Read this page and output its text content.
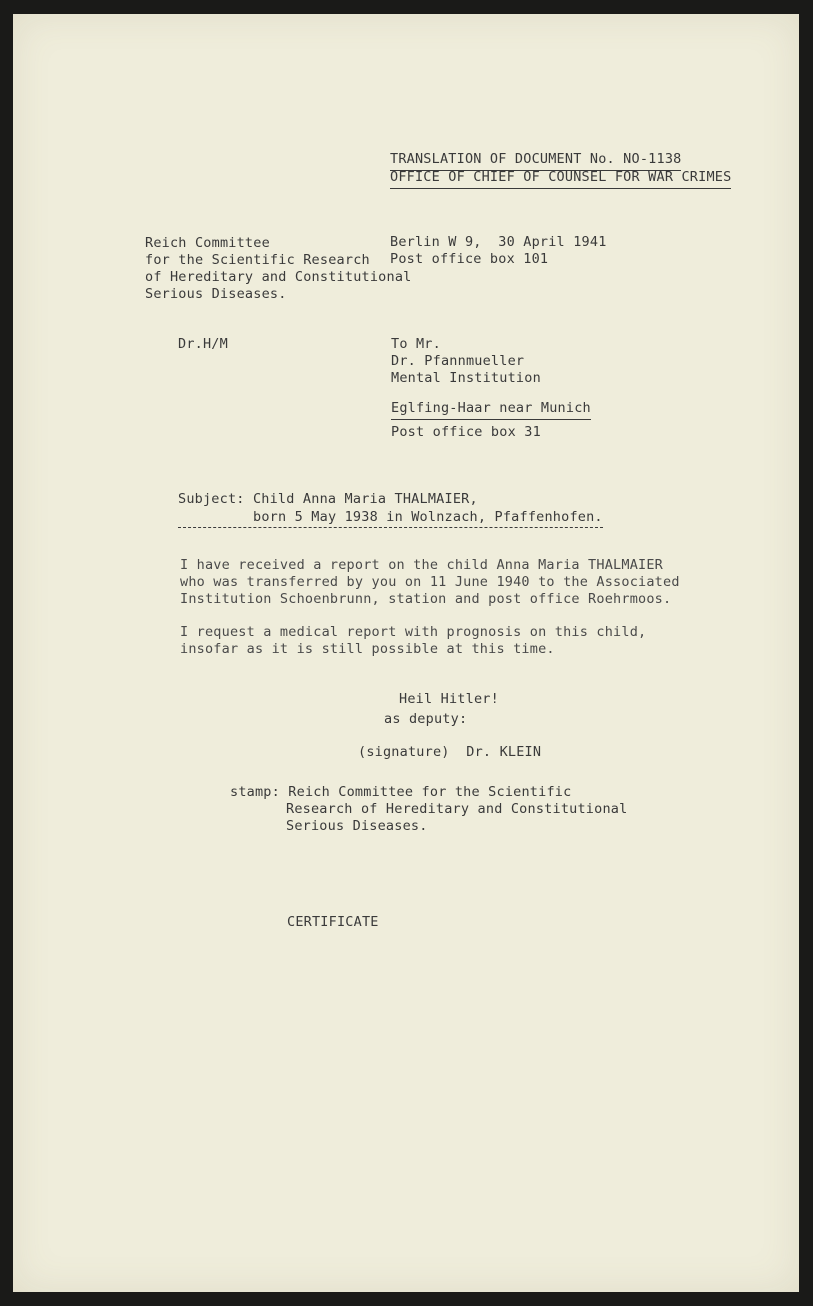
TRANSLATION OF DOCUMENT No. NO-1138
OFFICE OF CHIEF OF COUNSEL FOR WAR CRIMES
Reich Committee
for the Scientific Research
of Hereditary and Constitutional
Serious Diseases.
Berlin W 9,  30 April 1941
Post office box 101
Dr.H/M	To Mr.
Dr. Pfannmueller
Mental Institution
Eglfing-Haar near Munich
Post office box 31
Subject: Child Anna Maria THALMAIER,
born 5 May 1938 in Wolnzach, Pfaffenhofen.
I have received a report on the child Anna Maria THALMAIER
who was transferred by you on 11 June 1940 to the Associated
Institution Schoenbrunn, station and post office Roehrmoos.
I request a medical report with prognosis on this child,
insofar as it is still possible at this time.
Heil Hitler!
as deputy:
(signature)  Dr. KLEIN
stamp: Reich Committee for the Scientific
Research of Hereditary and Constitutional
Serious Diseases.
CERTIFICATE
